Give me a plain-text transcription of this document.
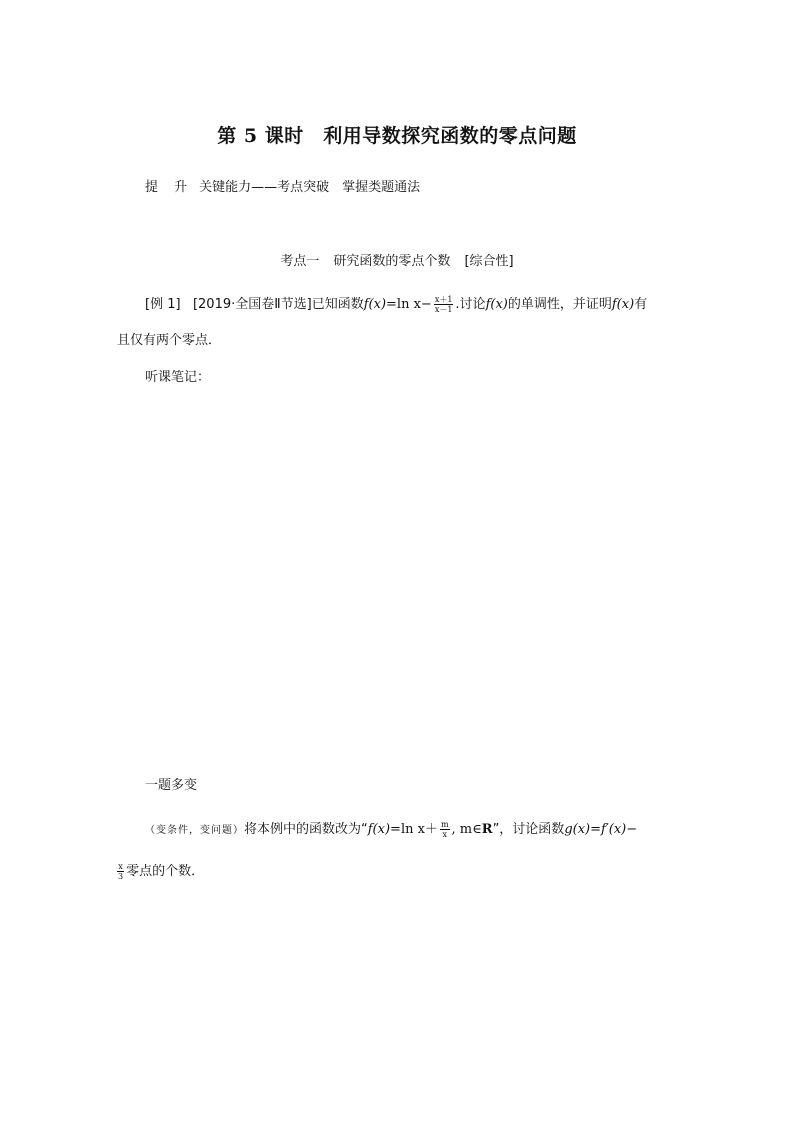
第 5 课时　利用导数探究函数的零点问题
提 升 关键能力——考点突破　掌握类题通法
考点一 研究函数的零点个数 [综合性]
[例 1] [2019·全国卷Ⅱ节选]已知函数f(x)=ln $x- \frac{x+1}{x-1}$ .讨论f(x)的单调性，并证明f(x)有
且仅有两个零点．
听课笔记：
一题多变
（变条件，变问题）将本例中的函数改为“f(x)=ln $x+ \frac{m}{x}$ , m∈R”，讨论函数g(x)=f′(x)−
$\frac{x}{3}$ 零点的个数．
